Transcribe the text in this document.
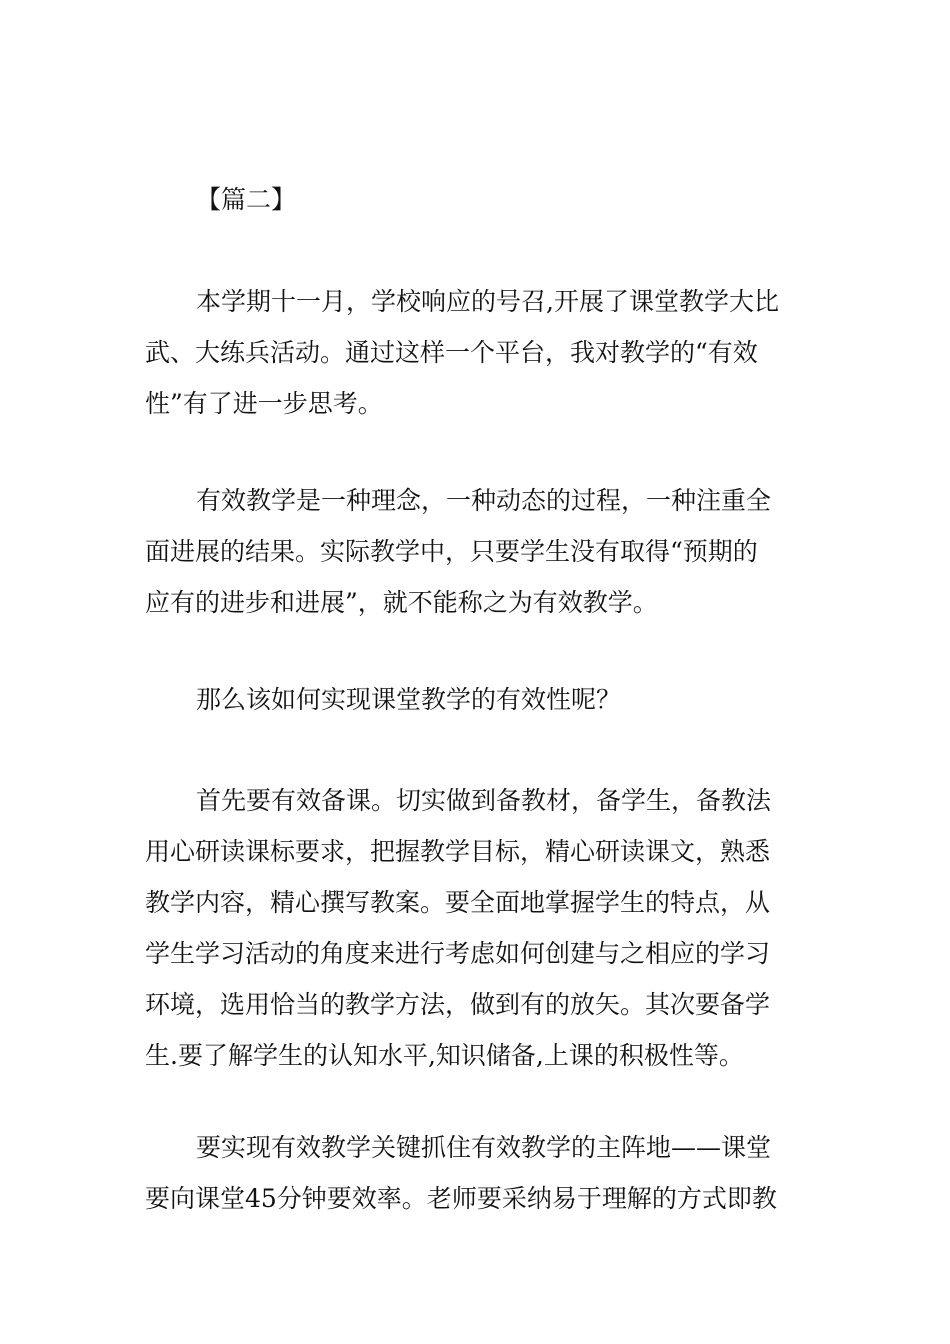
【篇二】
本学期十一月，学校响应的号召,开展了课堂教学大比
武、大练兵活动。通过这样一个平台，我对教学的“有效
性”有了进一步思考。
有效教学是一种理念，一种动态的过程，一种注重全
面进展的结果。实际教学中，只要学生没有取得“预期的
应有的进步和进展”，就不能称之为有效教学。
那么该如何实现课堂教学的有效性呢？
首先要有效备课。切实做到备教材，备学生，备教法
用心研读课标要求，把握教学目标，精心研读课文，熟悉
教学内容，精心撰写教案。要全面地掌握学生的特点，从
学生学习活动的角度来进行考虑如何创建与之相应的学习
环境，选用恰当的教学方法，做到有的放矢。其次要备学
生.要了解学生的认知水平,知识储备,上课的积极性等。
要实现有效教学关键抓住有效教学的主阵地——课堂
要向课堂45分钟要效率。老师要采纳易于理解的方式即教
